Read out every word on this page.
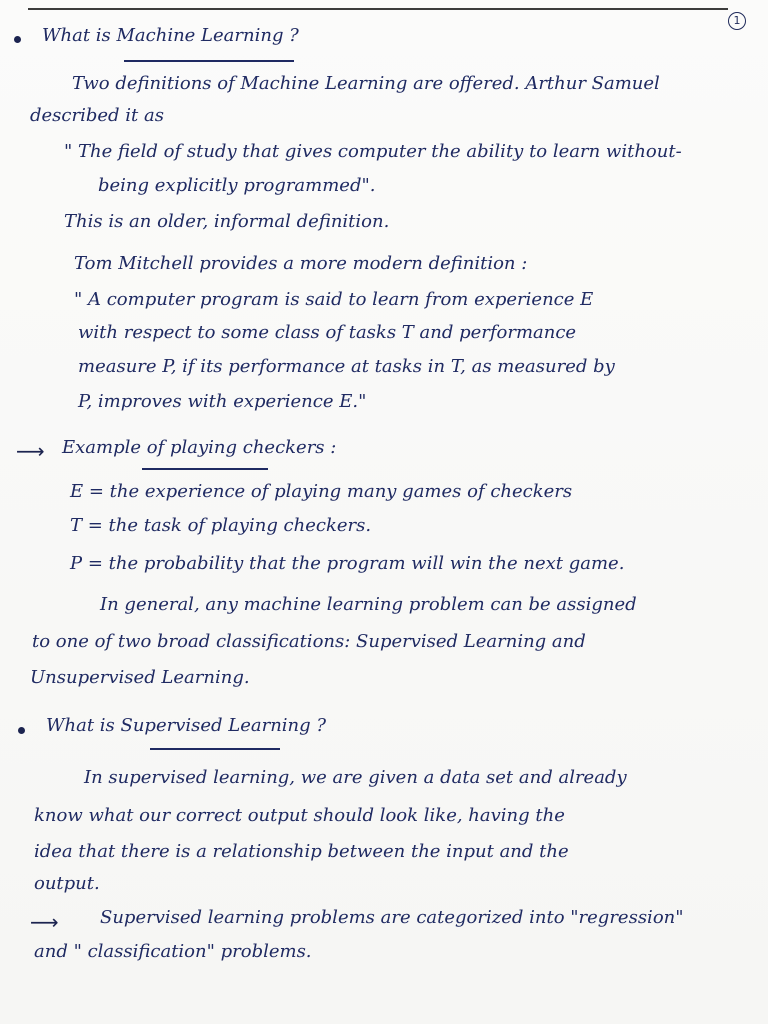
1
What is Machine Learning ?
Two definitions of Machine Learning are offered. Arthur Samuel
described it as
" The field of study that gives computer the ability to learn without-
being explicitly programmed".
This is an older, informal definition.
Tom Mitchell provides a more modern definition :
" A computer program is said to learn from experience E
with respect to some class of tasks T and performance
measure P, if its performance at tasks in T, as measured by
P, improves with experience E."
⟶ Example of playing checkers :
E = the experience of playing many games of checkers
T = the task of playing checkers.
P = the probability that the program will win the next game.
In general, any machine learning problem can be assigned
to one of two broad classifications: Supervised Learning and
Unsupervised Learning.
What is Supervised Learning ?
In supervised learning, we are given a data set and already
know what our correct output should look like, having the
idea that there is a relationship between the input and the
output.
⟶ Supervised learning problems are categorized into "regression"
and " classification" problems.
